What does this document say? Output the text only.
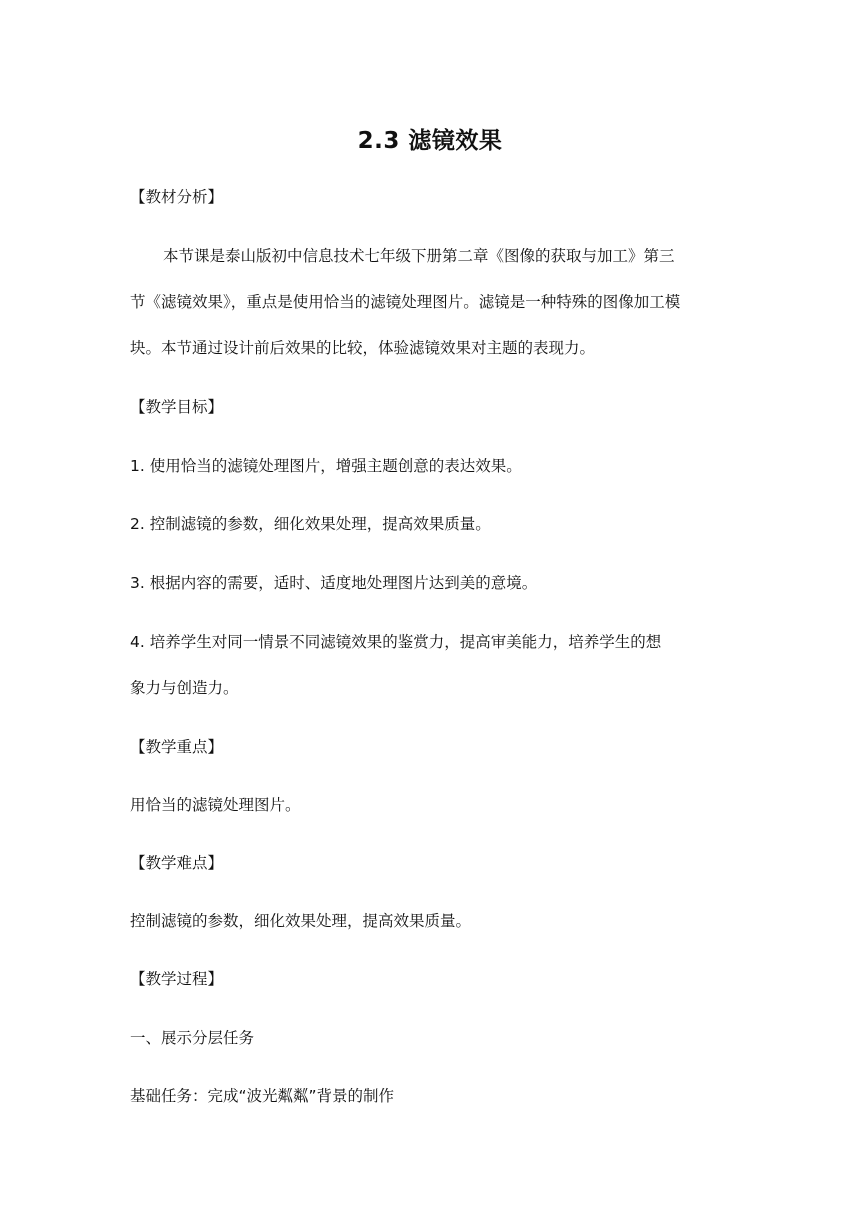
2.3 滤镜效果
【教材分析】
本节课是泰山版初中信息技术七年级下册第二章《图像的获取与加工》第三
节《滤镜效果》，重点是使用恰当的滤镜处理图片。滤镜是一种特殊的图像加工模
块。本节通过设计前后效果的比较，体验滤镜效果对主题的表现力。
【教学目标】
1. 使用恰当的滤镜处理图片，增强主题创意的表达效果。
2. 控制滤镜的参数，细化效果处理，提高效果质量。
3. 根据内容的需要，适时、适度地处理图片达到美的意境。
4. 培养学生对同一情景不同滤镜效果的鉴赏力，提高审美能力，培养学生的想
象力与创造力。
【教学重点】
用恰当的滤镜处理图片。
【教学难点】
控制滤镜的参数，细化效果处理，提高效果质量。
【教学过程】
一、展示分层任务
基础任务：完成“波光粼粼”背景的制作
